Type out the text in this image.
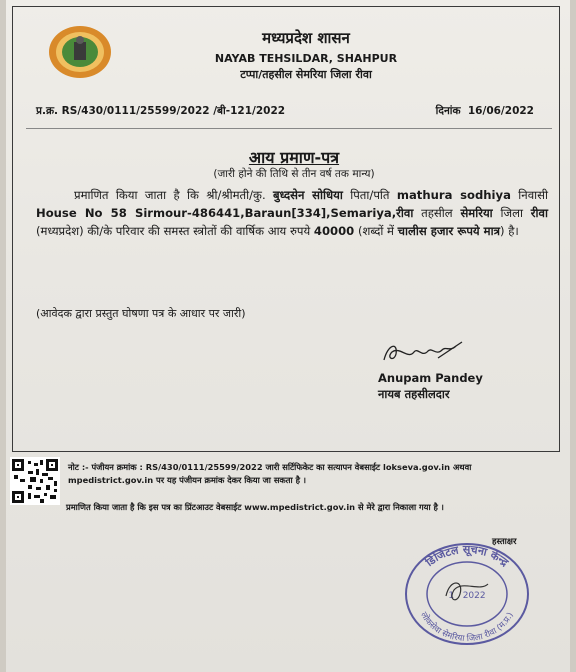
मध्यप्रदेश शासन
NAYAB TEHSILDAR, SHAHPUR
टप्पा/तहसील सेमरिया जिला रीवा
प्र.क्र. RS/430/0111/25599/2022 /बी-121/2022	दिनांक 16/06/2022
आय प्रमाण-पत्र
(जारी होने की तिथि से तीन वर्ष तक मान्य)
प्रमाणित किया जाता है कि श्री/श्रीमती/कु. बुध्दसेन सोधिया पिता/पति mathura sodhiya निवासी House No 58 Sirmour-486441,Baraun[334],Semariya,रीवा तहसील सेमरिया जिला रीवा (मध्यप्रदेश) की/के परिवार की समस्त स्त्रोतों की वार्षिक आय रुपये 40000 (शब्दों में चालीस हजार रूपये मात्र) है।
(आवेदक द्वारा प्रस्तुत घोषणा पत्र के आधार पर जारी)
Anupam Pandey
नायब तहसीलदार
नोट :- पंजीयन क्रमांक : RS/430/0111/25599/2022 जारी सर्टिफिकेट का सत्यापन वेबसाईट lokseva.gov.in अथवा mpedistrict.gov.in पर यह पंजीयन क्रमांक देकर किया जा सकता है ।
प्रमाणित किया जाता है कि इस पत्र का प्रिंटआउट वेबसाईट www.mpedistrict.gov.in से मेरे द्वारा निकाला गया है ।
हस्ताक्षर
डिजिटल सूचना केन्द्र
लोकसेवा सेमरिया जिला रीवा (म.प्र.)
1 . 2022
